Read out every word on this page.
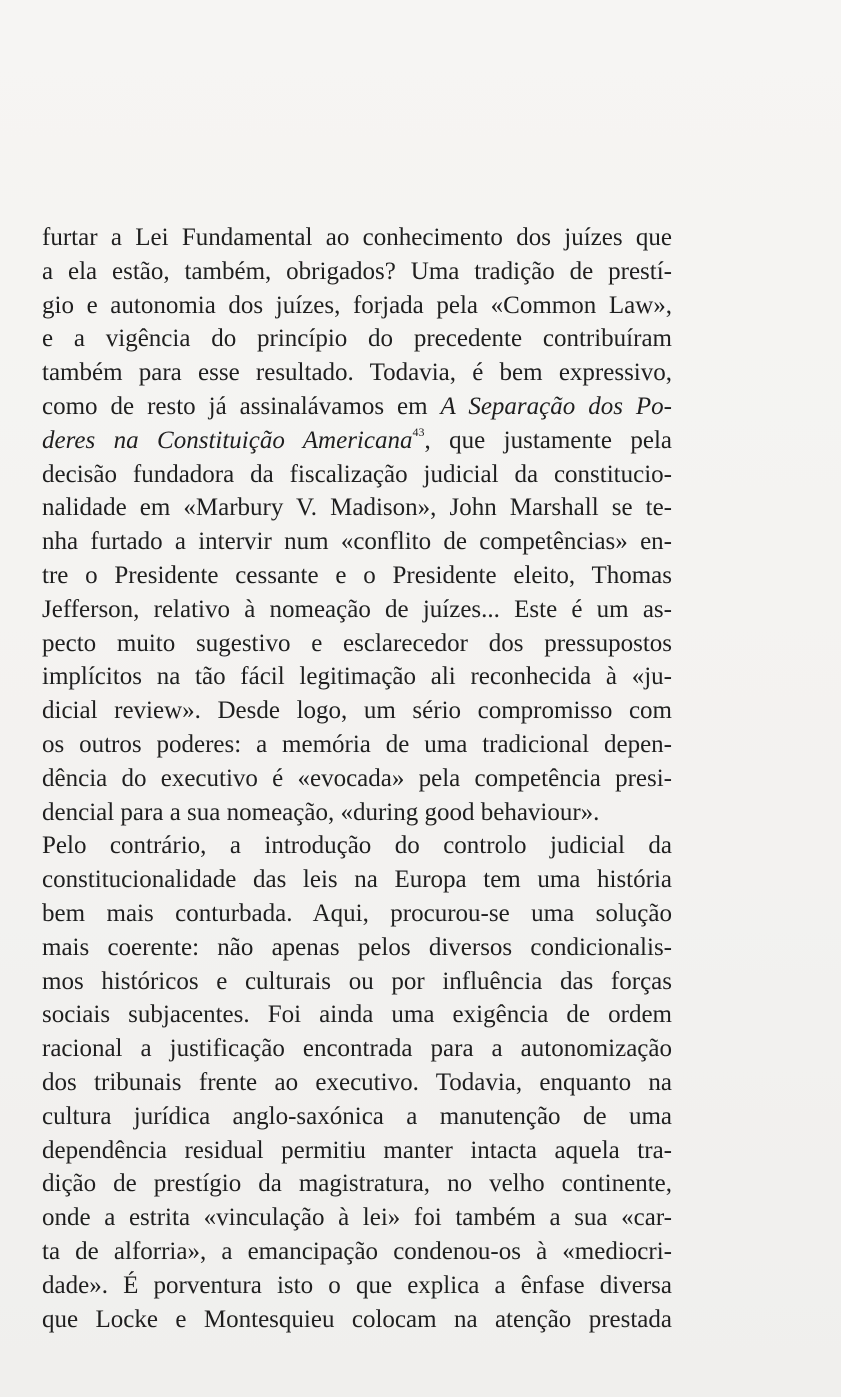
furtar a Lei Fundamental ao conhecimento dos juízes que
a ela estão, também, obrigados? Uma tradição de prestí-
gio e autonomia dos juízes, forjada pela «Common Law»,
e a vigência do princípio do precedente contribuíram
também para esse resultado. Todavia, é bem expressivo,
como de resto já assinalávamos em A Separação dos Po-
deres na Constituição Americana$^{43}$, que justamente pela
decisão fundadora da fiscalização judicial da constitucio-
nalidade em «Marbury V. Madison», John Marshall se te-
nha furtado a intervir num «conflito de competências» en-
tre o Presidente cessante e o Presidente eleito, Thomas
Jefferson, relativo à nomeação de juízes... Este é um as-
pecto muito sugestivo e esclarecedor dos pressupostos
implícitos na tão fácil legitimação ali reconhecida à «ju-
dicial review». Desde logo, um sério compromisso com
os outros poderes: a memória de uma tradicional depen-
dência do executivo é «evocada» pela competência presi-
dencial para a sua nomeação, «during good behaviour».
Pelo contrário, a introdução do controlo judicial da
constitucionalidade das leis na Europa tem uma história
bem mais conturbada. Aqui, procurou-se uma solução
mais coerente: não apenas pelos diversos condicionalis-
mos históricos e culturais ou por influência das forças
sociais subjacentes. Foi ainda uma exigência de ordem
racional a justificação encontrada para a autonomização
dos tribunais frente ao executivo. Todavia, enquanto na
cultura jurídica anglo-saxónica a manutenção de uma
dependência residual permitiu manter intacta aquela tra-
dição de prestígio da magistratura, no velho continente,
onde a estrita «vinculação à lei» foi também a sua «car-
ta de alforria», a emancipação condenou-os à «mediocri-
dade». É porventura isto o que explica a ênfase diversa
que Locke e Montesquieu colocam na atenção prestada
